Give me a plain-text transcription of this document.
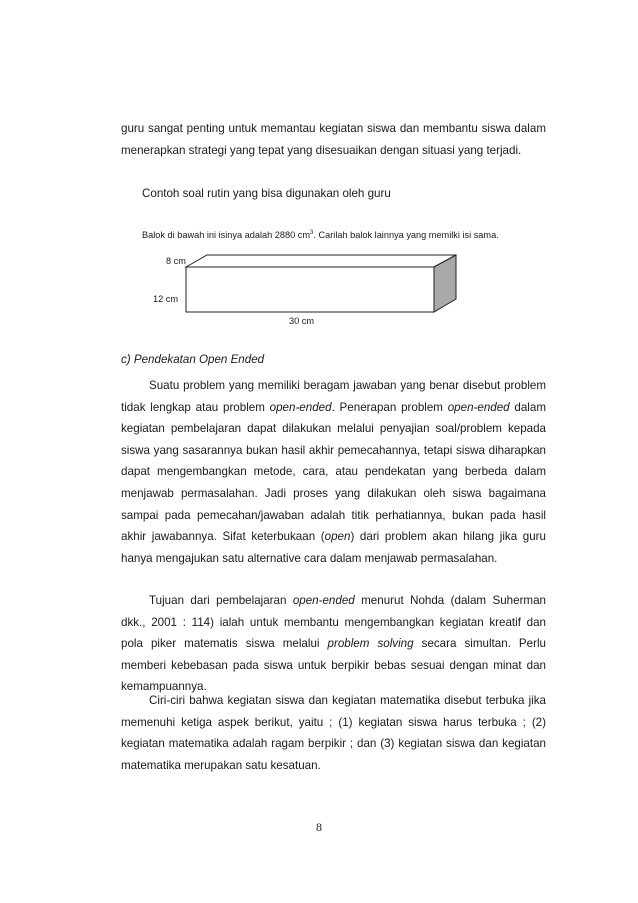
guru sangat penting untuk memantau kegiatan siswa dan membantu siswa dalam menerapkan strategi yang tepat yang disesuaikan dengan situasi yang terjadi.

Contoh soal rutin yang bisa digunakan oleh guru
Balok di bawah ini isinya adalah 2880 $cm^3$. Carilah balok lainnya yang memilki isi sama.
8 cm
12 cm
30 cm
c) Pendekatan Open Ended

Suatu problem yang memiliki beragam jawaban yang benar disebut problem tidak lengkap atau problem open-ended. Penerapan problem open-ended dalam kegiatan pembelajaran dapat dilakukan melalui penyajian soal/problem kepada siswa yang sasarannya bukan hasil akhir pemecahannya, tetapi siswa diharapkan dapat mengembangkan metode, cara, atau pendekatan yang berbeda dalam menjawab permasalahan. Jadi proses yang dilakukan oleh siswa bagaimana sampai pada pemecahan/jawaban adalah titik perhatiannya, bukan pada hasil akhir jawabannya. Sifat keterbukaan (open) dari problem akan hilang jika guru hanya mengajukan satu alternative cara dalam menjawab permasalahan.

Tujuan dari pembelajaran open-ended menurut Nohda (dalam Suherman dkk., 2001 : 114) ialah untuk membantu mengembangkan kegiatan kreatif dan pola piker matematis siswa melalui problem solving secara simultan. Perlu memberi kebebasan pada siswa untuk berpikir bebas sesuai dengan minat dan kemampuannya.

Ciri-ciri bahwa kegiatan siswa dan kegiatan matematika disebut terbuka jika memenuhi ketiga aspek berikut, yaitu ; (1) kegiatan siswa harus terbuka ; (2) kegiatan matematika adalah ragam berpikir ; dan (3) kegiatan siswa dan kegiatan matematika merupakan satu kesatuan.

8
